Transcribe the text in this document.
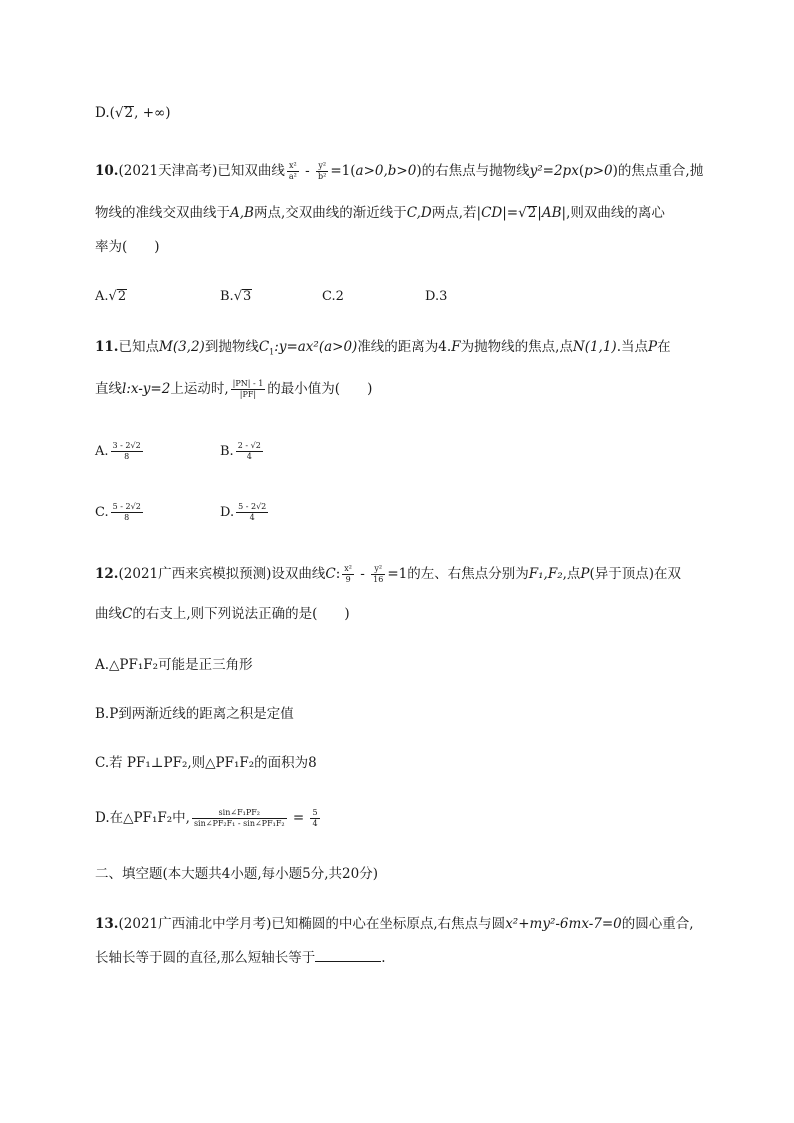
D.( √ 2, +∞)
10.(2021天津高考)已知双曲线 $\frac{\text{x²}}{\text{a²}} - \frac{\text{y²}}{\text{b²}} =1(a>0,b>0)$的右焦点与抛物线y²=2px(p>0)的焦点重合,抛
物线的准线交双曲线于A,B两点,交双曲线的渐近线于C,D两点,若|CD|= √ 2|AB|,则双曲线的离心
率为(　　)
A. √ 2	B. √ 3	C.2	D.3
11.已知点M(3,2)到抛物线$C_1:y=ax^2(a>0)$准线的距离为4.F为抛物线的焦点,点N(1,1).当点P在
直线l:x-y=2上运动时, $\frac{|PN| - 1}{|PF|}$ 的最小值为(　　)
A. $\frac{3 - 2 √ 2}{8}$	B. $\frac{2 - √ 2}{4}$
C. $\frac{5 - 2 √ 2}{8}$	D. $\frac{5 - 2 √ 2}{4}$
12.(2021广西来宾模拟预测)设双曲线C: $\frac{\text{x²}}{9} - \frac{\text{y²}}{16} =1$的左、右焦点分别为F₁,F₂,点P(异于顶点)在双
曲线C的右支上,则下列说法正确的是(　　)
A.△PF₁F₂可能是正三角形
B.P到两渐近线的距离之积是定值
C.若 PF₁⊥PF₂,则△PF₁F₂的面积为8
D.在△PF₁F₂中, $\frac{\text{sin∠F₁PF₂}}{\text{sin∠PF₂F₁ - sin∠PF₁F₂}} = \frac{5}{4}$
二、填空题(本大题共4小题,每小题5分,共20分)
13.(2021广西浦北中学月考)已知椭圆的中心在坐标原点,右焦点与圆x²+my²-6mx-7=0的圆心重合,
长轴长等于圆的直径,那么短轴长等于	.
